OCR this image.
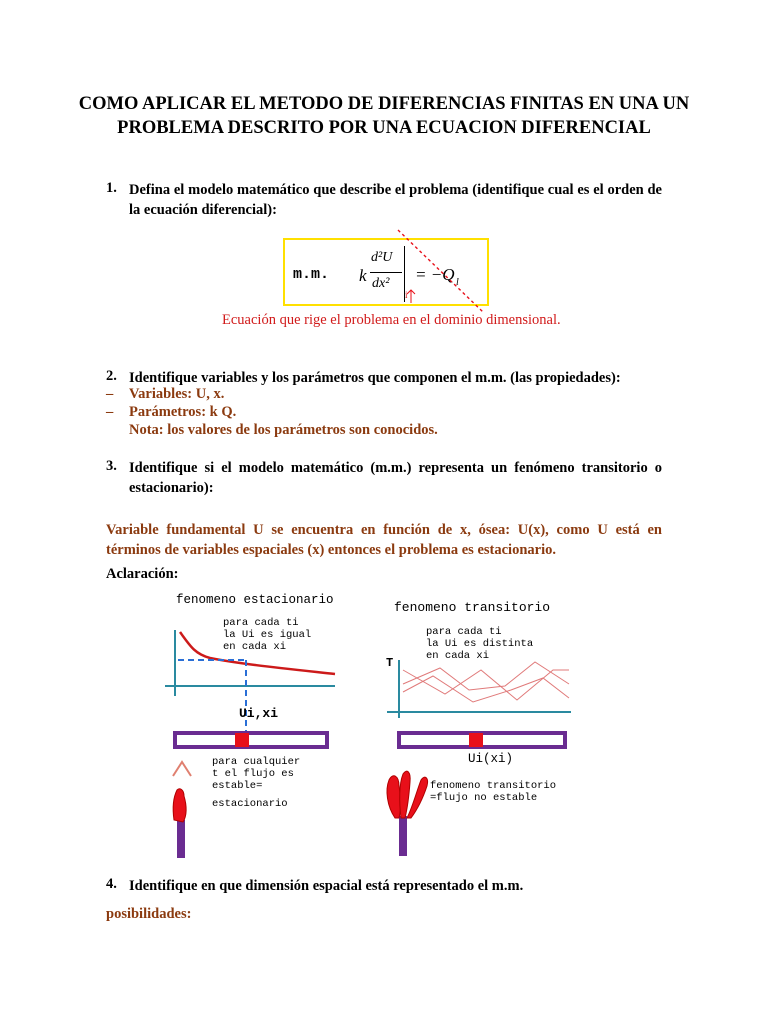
COMO APLICAR EL METODO DE DIFERENCIAS FINITAS EN UNA UN PROBLEMA DESCRITO POR UNA ECUACION DIFERENCIAL
1. Defina el modelo matemático que describe el problema (identifique cual es el orden de la ecuación diferencial):
m.m. k
d²U
dx² = −Q l
i
Ecuación que rige el problema en el dominio dimensional.
2. Identifique variables y los parámetros que componen el m.m. (las propiedades):
– Variables: U, x.
– Parámetros: k Q.
Nota: los valores de los parámetros son conocidos.
3. Identifique si el modelo matemático (m.m.) representa un fenómeno transitorio o estacionario):
Variable fundamental U se encuentra en función de x, ósea: U(x), como U está en términos de variables espaciales (x) entonces el problema es estacionario.
Aclaración:
fenomeno estacionario
para cada ti
la Ui es igual
en cada xi
Ui,xi
para cualquier
t el flujo es
estable=
estacionario
fenomeno transitorio
para cada ti
la Ui es distinta
en cada xi
T
Ui(xi)
fenomeno transitorio
=flujo no estable
4. Identifique en que dimensión espacial está representado el m.m.
posibilidades:
